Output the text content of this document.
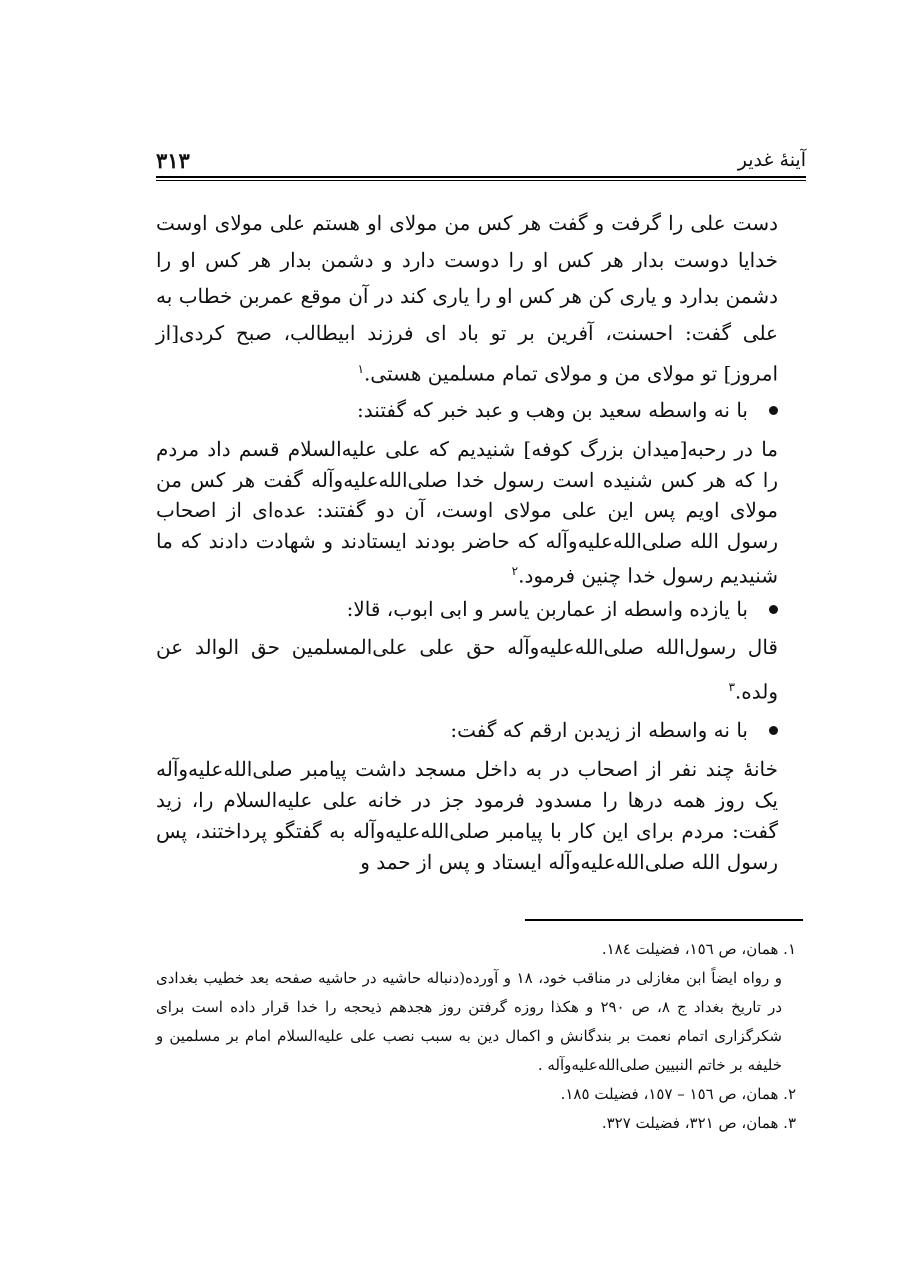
آینهٔ غدیر
۳۱۳

دست علی را گرفت و گفت هر کس من مولای او هستم علی مولای اوست خدایا دوست بدار هر کس او را دوست دارد و دشمن بدار هر کس او را دشمن بدارد و یاری کن هر کس او را یاری کند در آن موقع عمربن خطاب به علی گفت: احسنت، آفرین بر تو باد ای فرزند ابیطالب، صبح کردی[از امروز] تو مولای من و مولای تمام مسلمین هستی.$^۱$

با نه واسطه سعید بن وهب و عبد خبر که گفتند:

ما در رحبه[میدان بزرگ کوفه] شنیدیم که علی علیه‌السلام قسم داد مردم را که هر کس شنیده است رسول خدا صلی‌الله‌علیه‌وآله گفت هر کس من مولای اویم پس این علی مولای اوست، آن دو گفتند: عده‌ای از اصحاب رسول الله صلی‌الله‌علیه‌وآله که حاضر بودند ایستادند و شهادت دادند که ما شنیدیم رسول خدا چنین فرمود.$^۲$

با یازده واسطه از عماربن یاسر و ابی ابوب، قالا:

قال رسول‌الله صلی‌الله‌علیه‌وآله حق علی علی‌المسلمین حق الوالد عن ولده.$^۳$

با نه واسطه از زیدبن ارقم که گفت:

خانهٔ چند نفر از اصحاب در به داخل مسجد داشت پیامبر صلی‌الله‌علیه‌وآله یک روز همه درها را مسدود فرمود جز در خانه علی علیه‌السلام را، زید گفت: مردم برای این کار با پیامبر صلی‌الله‌علیه‌وآله به گفتگو پرداختند، پس رسول الله صلی‌الله‌علیه‌وآله ایستاد و پس از حمد و

۱. همان، ص ١٥٦، فضیلت ١٨٤.

و رواه ایضاً ابن مغازلی در مناقب خود، ١٨ و آورده(دنباله حاشیه در حاشیه صفحه بعد خطیب بغدادی در تاریخ بغداد ج ٨، ص ٢٩٠ و هکذا روزه گرفتن روز هجدهم ذیحجه را خدا قرار داده است برای شکرگزاری اتمام نعمت بر بندگانش و اکمال دین به سبب نصب علی علیه‌السلام امام بر مسلمین و خلیفه بر خاتم النبیین صلی‌الله‌علیه‌وآله .

۲. همان، ص ١٥٦ – ١٥٧، فضیلت ١٨٥.

۳. همان، ص ٣٢١، فضیلت ٣٢٧.
